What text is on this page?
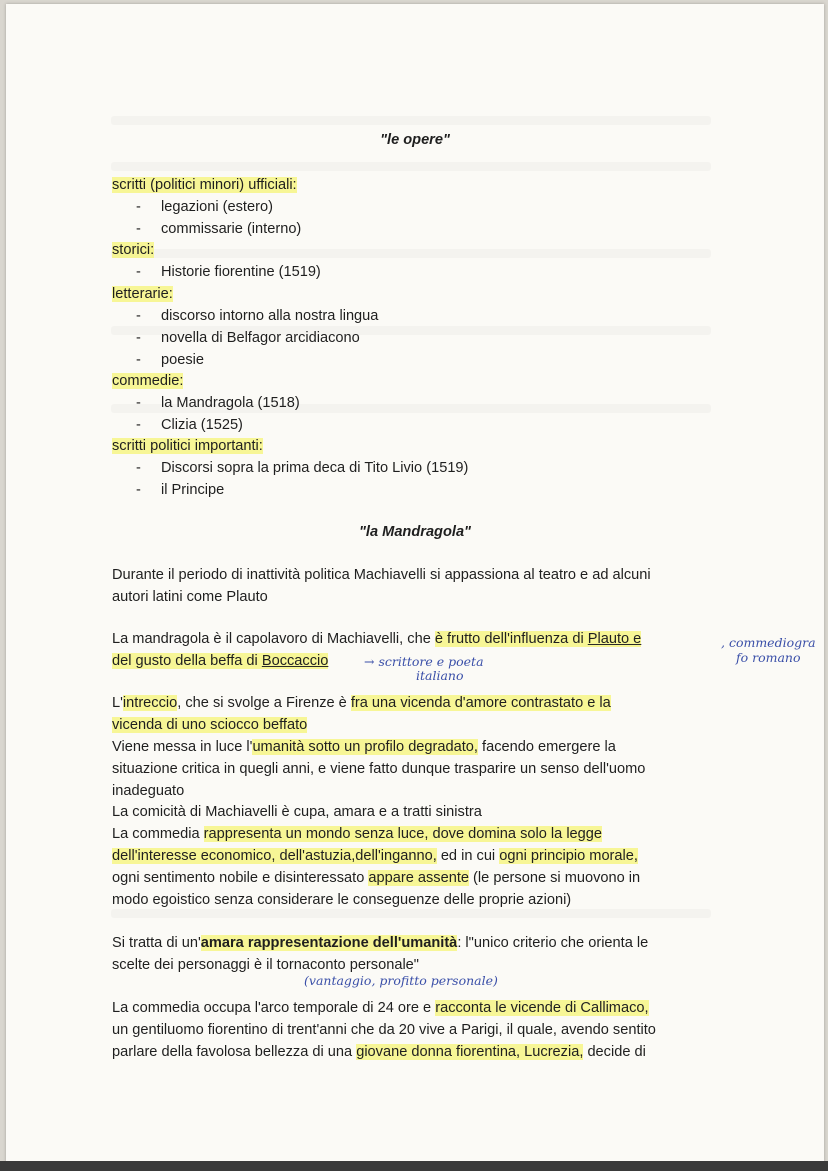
"le opere"
scritti (politici minori) ufficiali:
- legazioni (estero)
- commissarie (interno)
storici:
- Historie fiorentine (1519)
letterarie:
- discorso intorno alla nostra lingua
- novella di Belfagor arcidiacono
- poesie
commedie:
- la Mandragola (1518)
- Clizia (1525)
scritti politici importanti:
- Discorsi sopra la prima deca di Tito Livio (1519)
- il Principe
"la Mandragola"
Durante il periodo di inattività politica Machiavelli si appassiona al teatro e ad alcuni
autori latini come Plauto
La mandragola è il capolavoro di Machiavelli, che è frutto dell'influenza di Plauto e
del gusto della beffa di Boccaccio	→ scrittore e poeta
italiano
, commediogra
fo romano
L'intreccio, che si svolge a Firenze è fra una vicenda d'amore contrastato e la
vicenda di uno sciocco beffato
Viene messa in luce l'umanità sotto un profilo degradato, facendo emergere la
situazione critica in quegli anni, e viene fatto dunque trasparire un senso dell'uomo
inadeguato
La comicità di Machiavelli è cupa, amara e a tratti sinistra
La commedia rappresenta un mondo senza luce, dove domina solo la legge
dell'interesse economico, dell'astuzia,dell'inganno, ed in cui ogni principio morale,
ogni sentimento nobile e disinteressato appare assente (le persone si muovono in
modo egoistico senza considerare le conseguenze delle proprie azioni)
Si tratta di un'amara rappresentazione dell'umanità: l"unico criterio che orienta le
scelte dei personaggi è il tornaconto personale"
(vantaggio, profitto personale)
La commedia occupa l'arco temporale di 24 ore e racconta le vicende di Callimaco,
un gentiluomo fiorentino di trent'anni che da 20 vive a Parigi, il quale, avendo sentito
parlare della favolosa bellezza di una giovane donna fiorentina, Lucrezia, decide di
